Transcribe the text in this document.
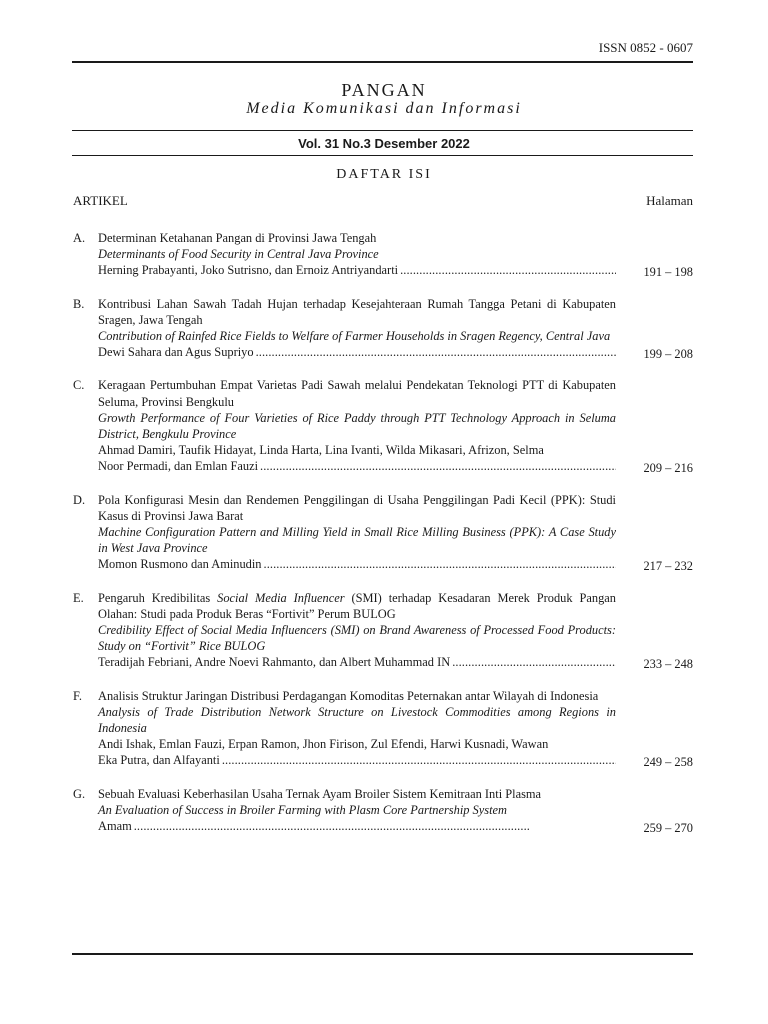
ISSN 0852 - 0607
PANGAN
Media Komunikasi dan Informasi
Vol. 31 No.3 Desember 2022
DAFTAR ISI
ARTIKEL	Halaman
A. Determinan Ketahanan Pangan di Provinsi Jawa Tengah
Determinants of Food Security in Central Java Province
Herning Prabayanti, Joko Sutrisno, dan Ernoiz Antriyandarti . . .	191 – 198
B. Kontribusi Lahan Sawah Tadah Hujan terhadap Kesejahteraan Rumah Tangga Petani di Kabupaten Sragen, Jawa Tengah
Contribution of Rainfed Rice Fields to Welfare of Farmer Households in Sragen Regency, Central Java
Dewi Sahara dan Agus Supriyo . . .	199 – 208
C. Keragaan Pertumbuhan Empat Varietas Padi Sawah melalui Pendekatan Teknologi PTT di Kabupaten Seluma, Provinsi Bengkulu
Growth Performance of Four Varieties of Rice Paddy through PTT Technology Approach in Seluma District, Bengkulu Province
Ahmad Damiri, Taufik Hidayat, Linda Harta, Lina Ivanti, Wilda Mikasari, Afrizon, Selma
Noor Permadi, dan Emlan Fauzi . . .	209 – 216
D. Pola Konfigurasi Mesin dan Rendemen Penggilingan di Usaha Penggilingan Padi Kecil (PPK): Studi Kasus di Provinsi Jawa Barat
Machine Configuration Pattern and Milling Yield in Small Rice Milling Business (PPK): A Case Study in West Java Province
Momon Rusmono dan Aminudin . . .	217 – 232
E. Pengaruh Kredibilitas Social Media Influencer (SMI) terhadap Kesadaran Merek Produk Pangan Olahan: Studi pada Produk Beras “Fortivit” Perum BULOG
Credibility Effect of Social Media Influencers (SMI) on Brand Awareness of Processed Food Products: Study on “Fortivit” Rice BULOG
Teradijah Febriani, Andre Noevi Rahmanto, dan Albert Muhammad IN . . .	233 – 248
F. Analisis Struktur Jaringan Distribusi Perdagangan Komoditas Peternakan antar Wilayah di Indonesia
Analysis of Trade Distribution Network Structure on Livestock Commodities among Regions in Indonesia
Andi Ishak, Emlan Fauzi, Erpan Ramon, Jhon Firison, Zul Efendi, Harwi Kusnadi, Wawan
Eka Putra, dan Alfayanti . . .	249 – 258
G. Sebuah Evaluasi Keberhasilan Usaha Ternak Ayam Broiler Sistem Kemitraan Inti Plasma
An Evaluation of Success in Broiler Farming with Plasm Core Partnership System
Amam . . .	259 – 270
